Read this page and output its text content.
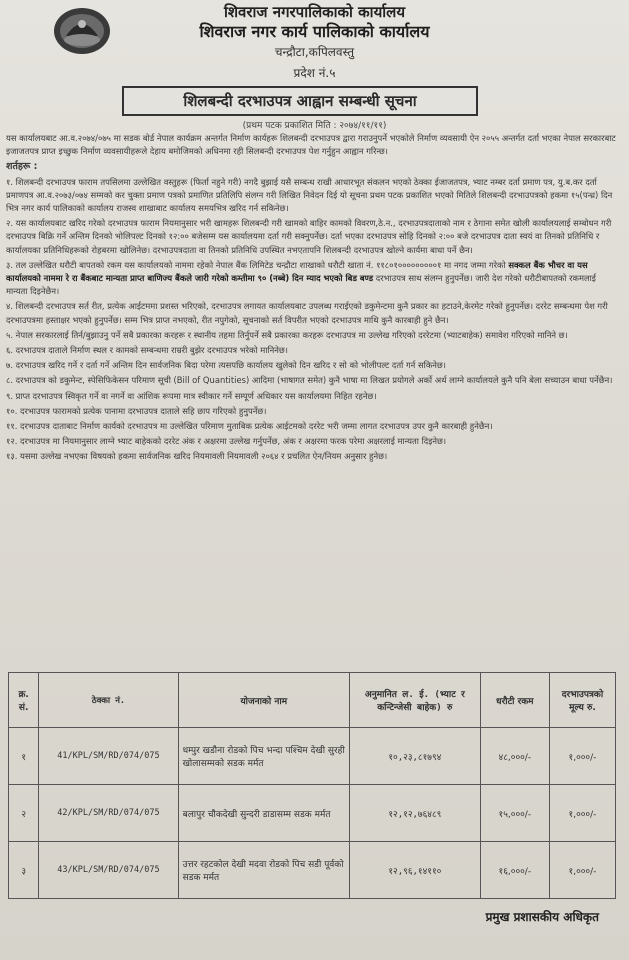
शिवराज नगरपालिकाको कार्यालय
शिवराज नगर कार्य पालिकाको कार्यालय
चन्द्रौटा,कपिलवस्तु
प्रदेश नं.५
शिलबन्दी दरभाउपत्र आह्वान सम्बन्धी सूचना
(प्रथम पटक प्रकाशित मिति : २०७४/११/११)

यस कार्यालयबाट आ.व.२०७४/०७५ मा सडक बोर्ड नेपाल कार्यक्रम अन्तर्गत निर्माण कार्यहरू शिलबन्दी दरभाउपत्र द्वारा गराउनुपर्ने भएकोले निर्माण व्यवसायी ऐन २०५५ अन्तर्गत दर्ता भएका नेपाल सरकारबाट इजाजतपत्र प्राप्त इच्छुक निर्माण व्यवसायीहरूले देहाय बमोजिमको अधिनमा रही सिलबन्दी दरभाउपत्र पेश गर्नुहुन आह्वान गरिन्छ।

शर्तहरू :

१. शिलबन्दी दरभाउपत्र फाराम तपसिलमा उल्लेखित वस्तुहरू (फिर्ता नहुने गरी) नगदै बुझाई यसै सम्बन्ध राखी आधारभूत संकलन भएको ठेक्का ईजाजतपत्र, भ्याट नम्बर दर्ता प्रमाण पत्र, यु.ब.कर दर्ता प्रमाणपत्र आ.व.२०७३/०७४ सम्मको कर चुक्ता प्रमाण पत्रको प्रमाणित प्रतिलिपि संलग्न गरी लिखित निवेदन दिई यो सूचना प्रथम पटक प्रकाशित भएको मितिले शिलबन्दी दरभाउपत्रको हकमा १५(पन्ध्र) दिन भित्र नगर कार्य पालिकाको कार्यालय राजस्व शाखाबाट कार्यालय समयभित्र खरिद गर्न सकिनेछ।

२. यस कार्यालयबाट खरिद गरेको दरभाउपत्र फाराम नियमानुसार भरी खामहरू शिलबन्दी गरी खामको बाहिर कामको विवरण,ठे.न., दरभाउपत्रदाताको नाम र ठेगाना समेत खोली कार्यालयलाई सम्बोधन गरी दरभाउपत्र बिक्रि गर्ने अन्तिम दिनको भोलिपल्ट दिनको १२:०० बजेसम्म यस कार्यालयमा दर्ता गरी सक्नुपर्नेछ। दर्ता भएका दरभाउपत्र सोहि दिनको २:०० बजे दरभाउपत्र दाता स्वयं वा तिनको प्रतिनिधि र कार्यालयका प्रतिनिधिहरूको रोहबरमा खोलिनेछ। दरभाउपत्रदाता वा तिनको प्रतिनिधि उपस्थित नभएतापनि शिलबन्दी दरभाउपत्र खोल्ने कार्यमा बाधा पर्ने छैन।

३. तल उल्लेखित धरौटी बापतको रकम यस कार्यालयको नाममा रहेको नेपाल बैंक लिमिटेड चन्द्रौटा शाखाको धरौटी खाता नं. ११८०१०००००००००१ मा नगद जम्मा गरेको सक्कल बैंक भौचर वा यस कार्यालयको नाममा रे रा बैंकबाट मान्यता प्राप्त बाणिज्य बैंकले जारी गरेको कम्तीमा ९० (नब्बे) दिन म्याद भएको बिड बण्ड दरभाउपत्र साथ संलग्न हुनुपर्नेछ। जारी देश गरेको धरौटीबापतको रकमलाई मान्यता दिइनेछैन।

४. शिलबन्दी दरभाउपत्र सर्त रीत, प्रत्येक आईटममा प्रशस्त भरिएको, दरभाउपत्र लगायत कार्यालयबाट उपलब्ध गराईएको डकुमेन्टमा कुनै प्रकार का हटाउने,केरमेट गरेको हुनुपर्नेछ। दररेट सम्बन्धमा पेश गरी दरभाउपत्रमा हस्ताक्षर भएको हुनुपर्नेछ। सम्म भित्र प्राप्त नभएको, रीत नपुगेको, सूचनाको सर्त विपरीत भएको दरभाउपत्र माथि कुनै कारबाही हुने छैन।

५. नेपाल सरकारलाई तिर्न/बुझाउनु पर्ने सबै प्रकारका करहरू र स्थानीय तहमा तिर्नुपर्ने सबै प्रकारका करहरू दरभाउपत्र मा उल्लेख गरिएको दररेटमा (भ्याटबाहेक) समावेश गरिएको मानिने छ।

६. दरभाउपत्र दाताले निर्माण स्थल र कामको सम्बन्धमा राम्ररी बुझेर दरभाउपत्र भरेको मानिनेछ।

७. दरभाउपत्र खरिद गर्ने र दर्ता गर्ने अन्तिम दिन सार्वजनिक बिदा परेमा त्यसपछि कार्यालय खुलेको दिन खरिद र सो को भोलीपल्ट दर्ता गर्न सकिनेछ।

८. दरभाउपत्र को डकुमेन्ट, स्पेसिफिकेसन परिमाण सूची (Bill of Quantities) आदिमा (भाषागत समेत) कुनै भाषा मा लिखत प्रयोगले अर्को अर्थ लाग्ने कार्यालयले कुनै पनि बेला सच्याउन बाधा पर्नेछैन।

९. प्राप्त दरभाउपत्र स्विकृत गर्ने वा नगर्ने वा आंशिक रूपमा मात्र स्वीकार गर्ने सम्पूर्ण अधिकार यस कार्यालयमा निहित रहनेछ।

१०. दरभाउपत्र फारामको प्रत्येक पानामा दरभाउपत्र दाताले सहि छाप गरिएको हुनुपर्नेछ।

११. दरभाउपत्र दाताबाट निर्माण कार्यको दरभाउपत्र मा उल्लेखित परिमाण मुताबिक प्रत्येक आईटमको दररेट भरी जम्मा लागत दरभाउपत्र उपर कुनै कारबाही हुनेछैन।

१२. दरभाउपत्र मा नियमानुसार लाग्ने भ्याट बाहेकको दररेट अंक र अक्षरमा उल्लेख गर्नुपर्नेछ, अंक र अक्षरमा फरक परेमा अक्षरलाई मान्यता दिइनेछ।

१३. यसमा उल्लेख नभएका विषयको हकमा सार्वजनिक खरिद नियमावली नियमावली २०६४ र प्रचलित ऐन/नियम अनुसार हुनेछ।

क्र. सं.	ठेक्का नं.	योजनाको नाम	अनुमानित ल. ई. (भ्याट र कन्टिन्जेसी बाहेक) रु	धरौटी रकम	दरभाउपत्रको मूल्य रु.
१	41/KPL/SM/RD/074/075	धम्पुर खडौना रोडको पिच भन्दा पश्चिम देखी सुरही खोलासम्मको सडक मर्मत	१०,२३,८१७९४	४८,०००/-	१,०००/-
२	42/KPL/SM/RD/074/075	बलापुर चौकदेखी सुन्दरी डाडासम्म सडक मर्मत	१२,१२,७६४८९	१५,०००/-	१,०००/-
३	43/KPL/SM/RD/074/075	उत्तर रहटकोल देखी मदवा रोडको पिच सडी पूर्वको सडक मर्मत	१२,९६,१४११०	१६,०००/-	१,०००/-
प्रमुख प्रशासकीय अधिकृत
